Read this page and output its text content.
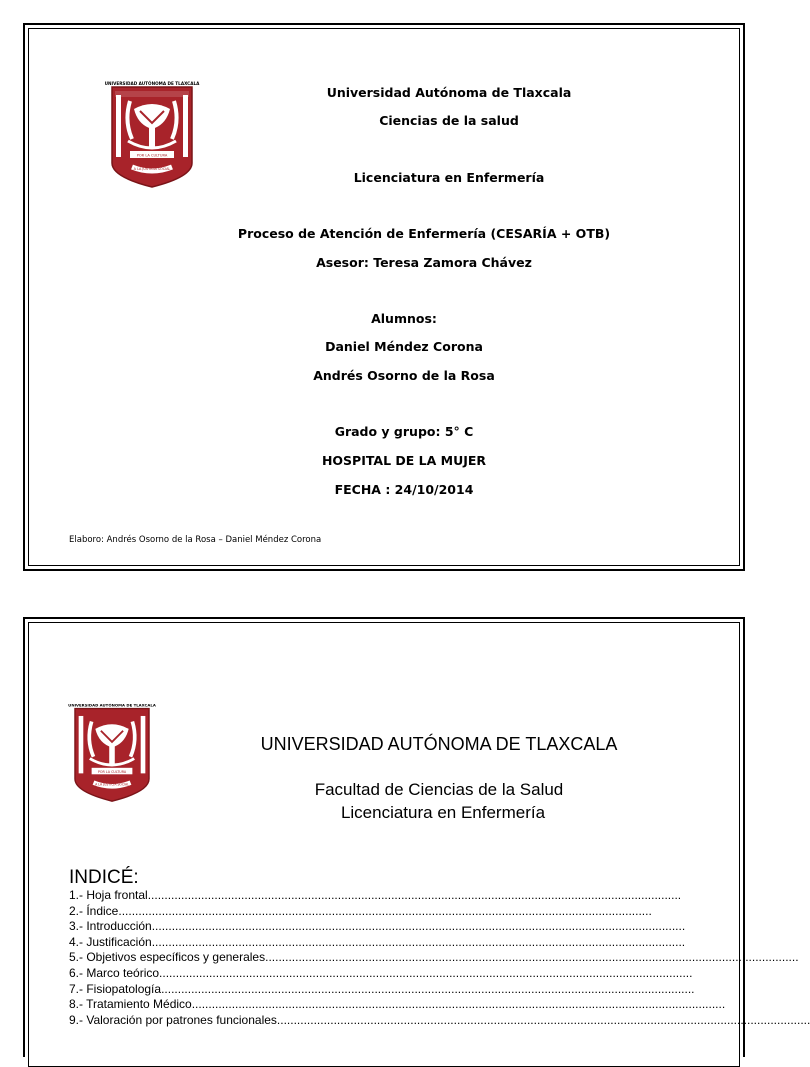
UNIVERSIDAD AUTÓNOMA DE TLAXCALA
POR LA CULTURA
A LA JUSTICIA SOCIAL
Universidad Autónoma de Tlaxcala
Ciencias de la salud
Licenciatura en Enfermería
Proceso de Atención de Enfermería (CESARÍA + OTB)
Asesor: Teresa Zamora Chávez
Alumnos:
Daniel Méndez Corona
Andrés Osorno de la Rosa
Grado y grupo: 5° C
HOSPITAL DE LA MUJER
FECHA : 24/10/2014
Elaboro: Andrés Osorno de la Rosa – Daniel Méndez Corona
UNIVERSIDAD AUTÓNOMA DE TLAXCALA
POR LA CULTURA
A LA JUSTICIA SOCIAL
UNIVERSIDAD AUTÓNOMA DE TLAXCALA
Facultad de Ciencias de la Salud
Licenciatura en Enfermería
INDICÉ:
1.- Hoja frontal................................................................................................................................................................
2.- Índice................................................................................................................................................................
3.- Introducción................................................................................................................................................................
4.- Justificación................................................................................................................................................................
5.- Objetivos específicos y generales................................................................................................................................................................
6.- Marco teórico................................................................................................................................................................
7.- Fisiopatología................................................................................................................................................................
8.- Tratamiento Médico................................................................................................................................................................
9.- Valoración por patrones funcionales................................................................................................................................................................
